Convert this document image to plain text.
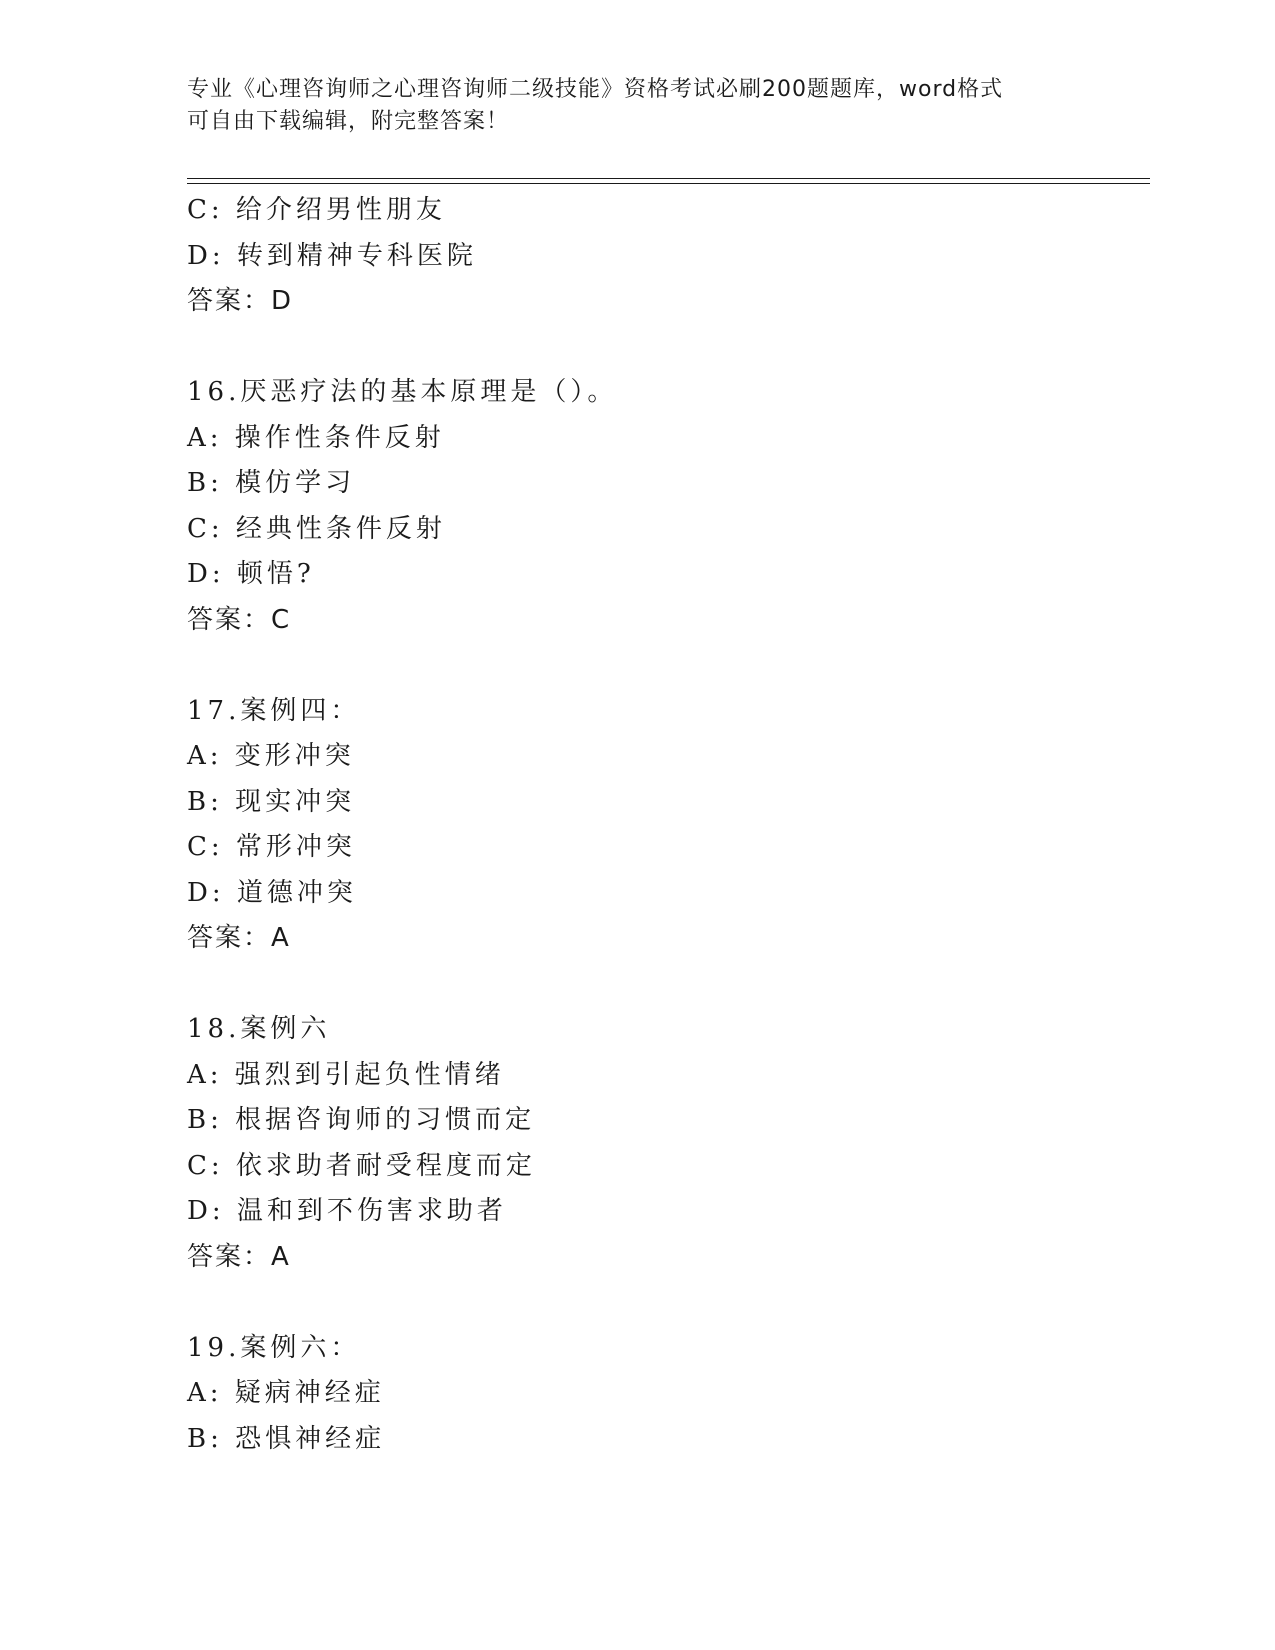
专业《心理咨询师之心理咨询师二级技能》资格考试必刷200题题库，word格式
可自由下载编辑，附完整答案！
C: 给介绍男性朋友
D: 转到精神专科医院
答案：D
16.厌恶疗法的基本原理是（）。
A: 操作性条件反射
B: 模仿学习
C: 经典性条件反射
D: 顿悟?
答案：C
17.案例四：
A: 变形冲突
B: 现实冲突
C: 常形冲突
D: 道德冲突
答案：A
18.案例六
A: 强烈到引起负性情绪
B: 根据咨询师的习惯而定
C: 依求助者耐受程度而定
D: 温和到不伤害求助者
答案：A
19.案例六：
A: 疑病神经症
B: 恐惧神经症
